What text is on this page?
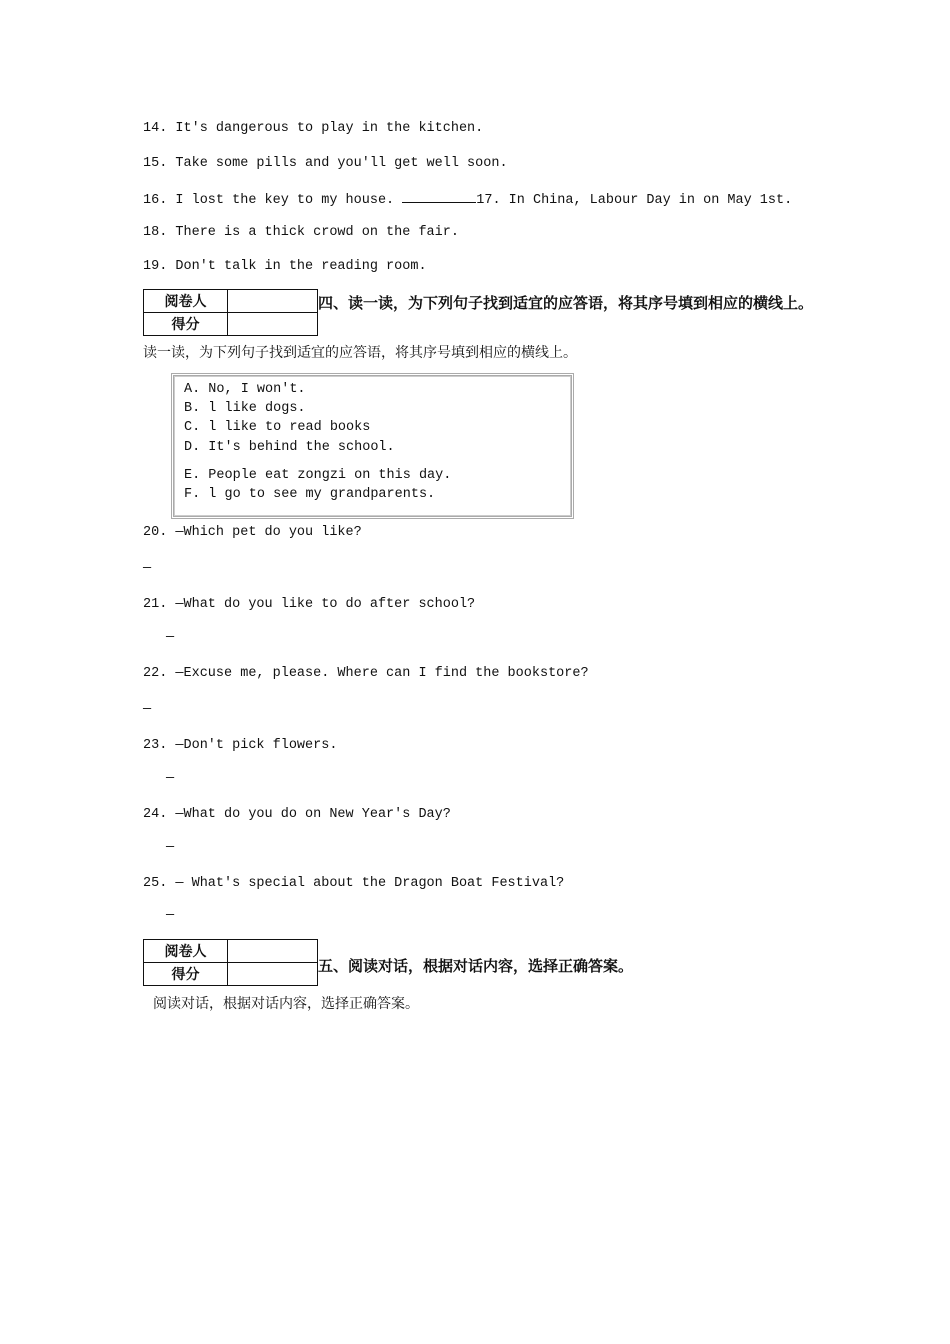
14. It's dangerous to play in the kitchen.
15. Take some pills and you'll get well soon.
16. I lost the key to my house.	17. In China, Labour Day in on May 1st.
18. There is a thick crowd on the fair.
19. Don't talk in the reading room.
阅卷人	
得分	
四、读一读，为下列句子找到适宜的应答语，将其序号填到相应的横线上。
读一读，为下列句子找到适宜的应答语，将其序号填到相应的横线上。
A. No, I won't.
B. l like dogs.
C. l like to read books
D. It's behind the school.
E. People eat zongzi on this day.
F. l go to see my grandparents.
20. —Which pet do you like?
—
21. —What do you like to do after school?
—
22. —Excuse me, please. Where can I find the bookstore?
—
23. —Don't pick flowers.
—
24. —What do you do on New Year's Day?
—
25. — What's special about the Dragon Boat Festival?
—
阅卷人	
得分		五、阅读对话，根据对话内容，选择正确答案。
阅读对话，根据对话内容，选择正确答案。
